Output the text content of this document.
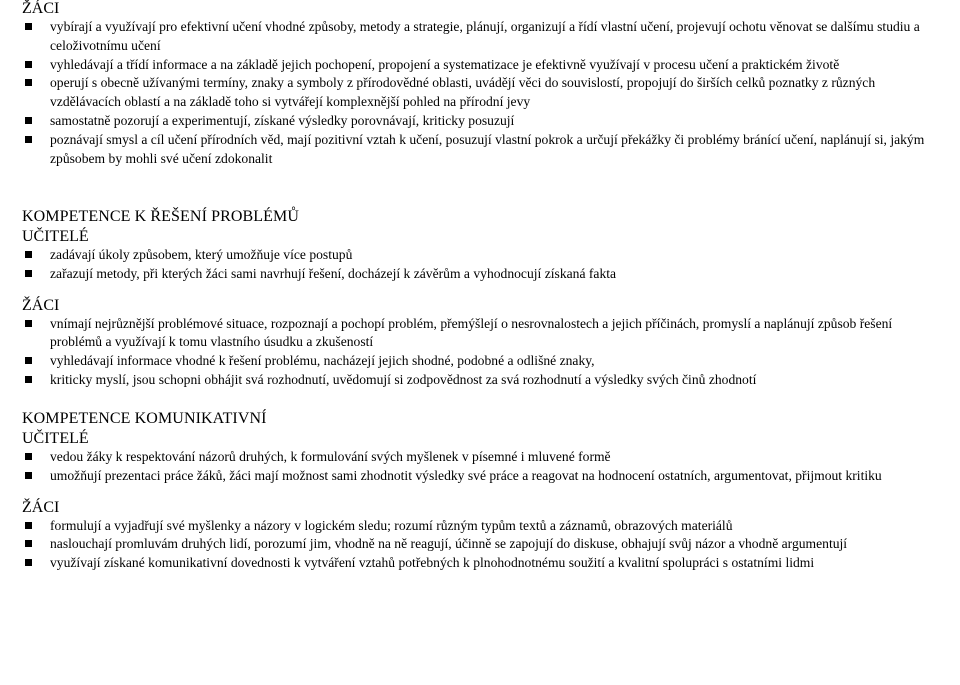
ŽÁCI
vybírají a využívají pro efektivní učení vhodné způsoby, metody a strategie, plánují, organizují a řídí vlastní učení, projevují ochotu věnovat se dalšímu studiu a celoživotnímu učení
vyhledávají a třídí informace a na základě jejich pochopení, propojení a systematizace je efektivně využívají v procesu učení a praktickém životě
operují s obecně užívanými termíny, znaky a symboly z přírodovědné oblasti, uvádějí věci do souvislostí, propojují do širších celků poznatky z různých vzdělávacích oblastí a na základě toho si vytvářejí komplexnější pohled na přírodní jevy
samostatně pozorují a experimentují, získané výsledky porovnávají, kriticky posuzují
poznávají smysl a cíl učení přírodních věd, mají pozitivní vztah k učení, posuzují vlastní pokrok a určují překážky či problémy bránící učení, naplánují si, jakým způsobem by mohli své učení zdokonalit
KOMPETENCE K ŘEŠENÍ PROBLÉMŮ
UČITELÉ
zadávají úkoly způsobem, který umožňuje více postupů
zařazují metody, při kterých žáci sami navrhují řešení, docházejí k závěrům a vyhodnocují získaná fakta
ŽÁCI
vnímají nejrůznější problémové situace, rozpoznají a pochopí problém, přemýšlejí o nesrovnalostech a jejich příčinách, promyslí a naplánují způsob řešení problémů a využívají k tomu vlastního úsudku a zkušeností
vyhledávají informace vhodné k řešení problému, nacházejí jejich shodné, podobné a odlišné znaky,
kriticky myslí, jsou schopni obhájit svá rozhodnutí, uvědomují si zodpovědnost za svá rozhodnutí a výsledky svých činů zhodnotí
KOMPETENCE KOMUNIKATIVNÍ
UČITELÉ
vedou žáky k respektování názorů druhých, k formulování svých myšlenek v písemné i mluvené formě
umožňují prezentaci práce žáků, žáci mají možnost sami zhodnotit výsledky své práce a reagovat na hodnocení ostatních, argumentovat, přijmout kritiku
ŽÁCI
formulují a vyjadřují své myšlenky a názory v logickém sledu; rozumí různým typům textů a záznamů, obrazových materiálů
naslouchají promluvám druhých lidí, porozumí jim, vhodně na ně reagují, účinně se zapojují do diskuse, obhajují svůj názor a vhodně argumentují
využívají získané komunikativní dovednosti k vytváření vztahů potřebných k plnohodnotnému soužití a kvalitní spolupráci s ostatními lidmi
